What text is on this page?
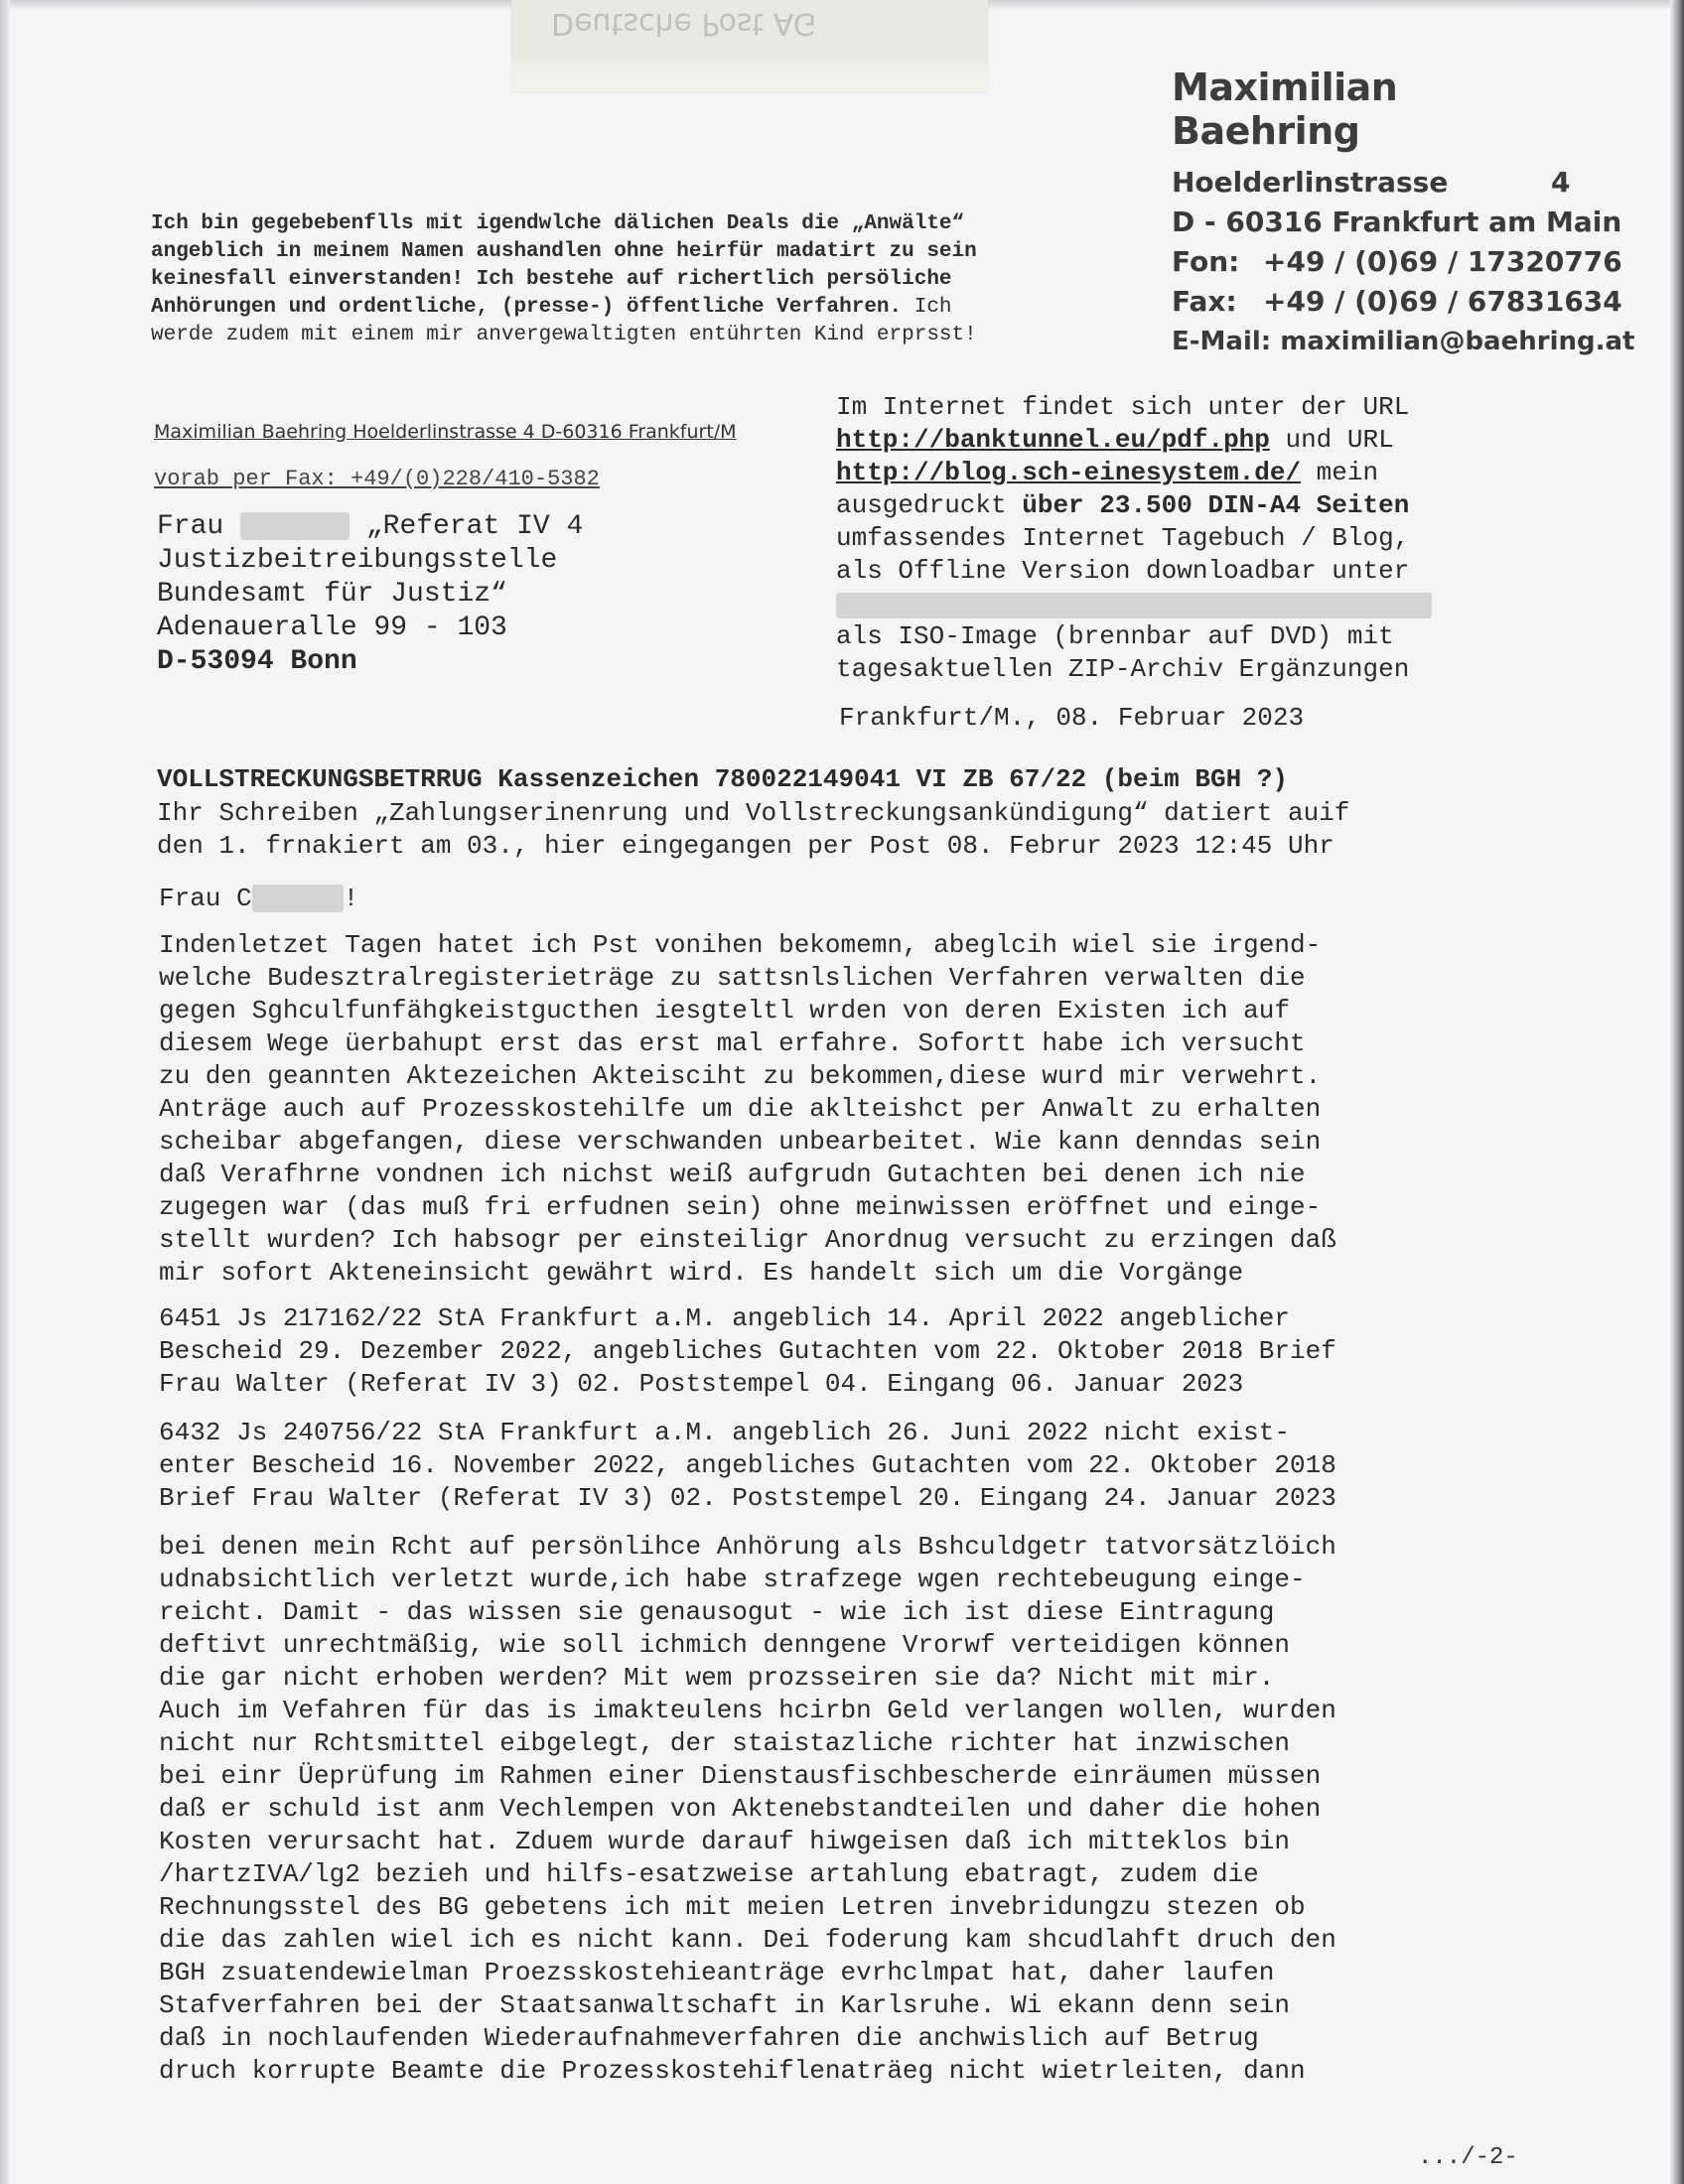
Deutsche Post AG
Maximilian Baehring
Hoelderlinstrasse	4
D - 60316 Frankfurt am Main
Fon: +49 / (0)69 / 17320776
Fax: +49 / (0)69 / 67831634
E-Mail: maximilian@baehring.at
Ich bin gegebebenflls mit igendwlche dälichen Deals die „Anwälte“
angeblich in meinem Namen aushandlen ohne heirfür madatirt zu sein
keinesfall einverstanden! Ich bestehe auf richertlich persöliche
Anhörungen und ordentliche, (presse-) öffentliche Verfahren. Ich
werde zudem mit einem mir anvergewaltigten entührten Kind erprsst!
Maximilian Baehring Hoelderlinstrasse 4 D-60316 Frankfurt/M
vorab per Fax: +49/(0)228/410-5382
Frau	„Referat IV 4
Justizbeitreibungsstelle
Bundesamt für Justiz“
Adenaueralle 99 - 103
D-53094 Bonn
Im Internet findet sich unter der URL
http://banktunnel.eu/pdf.php und URL
http://blog.sch-einesystem.de/ mein
ausgedruckt über 23.500 DIN-A4 Seiten
umfassendes Internet Tagebuch / Blog,
als Offline Version downloadbar unter
als ISO-Image (brennbar auf DVD) mit
tagesaktuellen ZIP-Archiv Ergänzungen
Frankfurt/M., 08. Februar 2023
VOLLSTRECKUNGSBETRRUG Kassenzeichen 780022149041 VI ZB 67/22 (beim BGH ?)
Ihr Schreiben „Zahlungserinenrung und Vollstreckungsankündigung“ datiert auif
den 1. frnakiert am 03., hier eingegangen per Post 08. Februr 2023 12:45 Uhr
Frau C	!
Indenletzet Tagen hatet ich Pst vonihen bekomemn, abeglcih wiel sie irgend-
welche Budesztralregisterieträge zu sattsnlslichen Verfahren verwalten die
gegen Sghculfunfähgkeistgucthen iesgteltl wrden von deren Existen ich auf
diesem Wege üerbahupt erst das erst mal erfahre. Sofortt habe ich versucht
zu den geannten Aktezeichen Akteisciht zu bekommen,diese wurd mir verwehrt.
Anträge auch auf Prozesskostehilfe um die aklteishct per Anwalt zu erhalten
scheibar abgefangen, diese verschwanden unbearbeitet. Wie kann denndas sein
daß Verafhrne vondnen ich nichst weiß aufgrudn Gutachten bei denen ich nie
zugegen war (das muß fri erfudnen sein) ohne meinwissen eröffnet und einge-
stellt wurden? Ich habsogr per einsteiligr Anordnug versucht zu erzingen daß
mir sofort Akteneinsicht gewährt wird. Es handelt sich um die Vorgänge
6451 Js 217162/22 StA Frankfurt a.M. angeblich 14. April 2022 angeblicher
Bescheid 29. Dezember 2022, angebliches Gutachten vom 22. Oktober 2018 Brief
Frau Walter (Referat IV 3) 02. Poststempel 04. Eingang 06. Januar 2023
6432 Js 240756/22 StA Frankfurt a.M. angeblich 26. Juni 2022 nicht exist-
enter Bescheid 16. November 2022, angebliches Gutachten vom 22. Oktober 2018
Brief Frau Walter (Referat IV 3) 02. Poststempel 20. Eingang 24. Januar 2023
bei denen mein Rcht auf persönlihce Anhörung als Bshculdgetr tatvorsätzlöich
udnabsichtlich verletzt wurde,ich habe strafzege wgen rechtebeugung einge-
reicht. Damit - das wissen sie genausogut - wie ich ist diese Eintragung
deftivt unrechtmäßig, wie soll ichmich denngene Vrorwf verteidigen können
die gar nicht erhoben werden? Mit wem prozsseiren sie da? Nicht mit mir.
Auch im Vefahren für das is imakteulens hcirbn Geld verlangen wollen, wurden
nicht nur Rchtsmittel eibgelegt, der staistazliche richter hat inzwischen
bei einr Üeprüfung im Rahmen einer Dienstausfischbescherde einräumen müssen
daß er schuld ist anm Vechlempen von Aktenebstandteilen und daher die hohen
Kosten verursacht hat. Zduem wurde darauf hiwgeisen daß ich mitteklos bin
/hartzIVA/lg2 bezieh und hilfs-esatzweise artahlung ebatragt, zudem die
Rechnungsstel des BG gebetens ich mit meien Letren invebridungzu stezen ob
die das zahlen wiel ich es nicht kann. Dei foderung kam shcudlahft druch den
BGH zsuatendewielman Proezsskostehieanträge evrhclmpat hat, daher laufen
Stafverfahren bei der Staatsanwaltschaft in Karlsruhe. Wi ekann denn sein
daß in nochlaufenden Wiederaufnahmeverfahren die anchwislich auf Betrug
druch korrupte Beamte die Prozesskostehiflenaträeg nicht wietrleiten, dann
.../-2-
